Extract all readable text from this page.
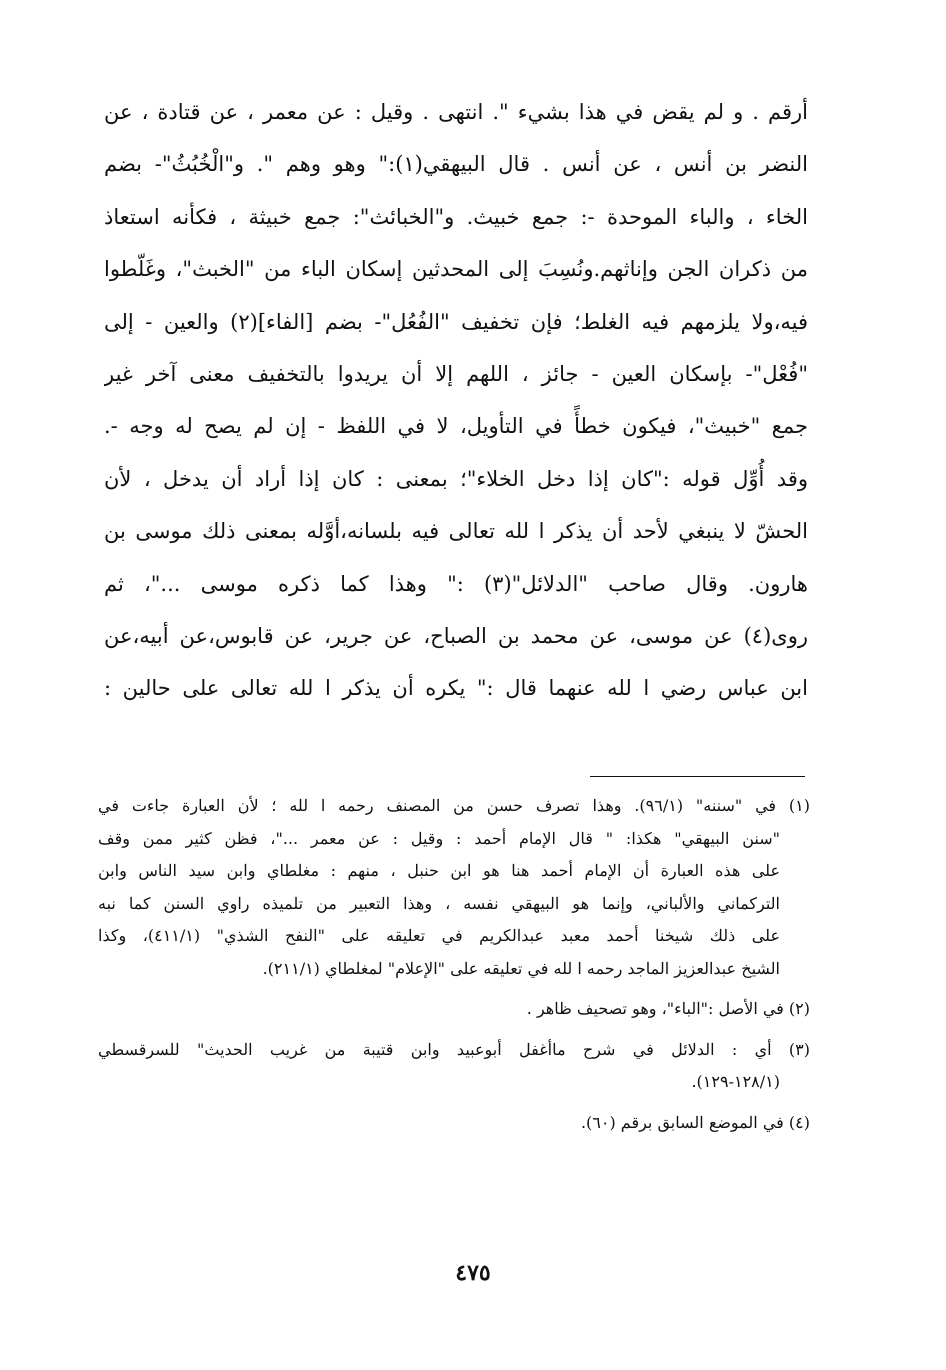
أرقم . و لم يقض في هذا بشيء ". انتهى . وقيل : عن معمر ، عن قتادة ، عن
النضر بن أنس ، عن أنس . قال البيهقي(١):" وهو وهم ". و"الْخُبُثُ"- بضم
الخاء ، والباء الموحدة -: جمع خبيث. و"الخبائث": جمع خبيثة ، فكأنه استعاذ
من ذكران الجن وإناثهم.ونُسِبَ إلى المحدثين إسكان الباء من "الخبث"، وغَلّطوا
فيه،ولا يلزمهم فيه الغلط؛ فإن تخفيف "الفُعُل"- بضم [الفاء](٢) والعين - إلى
"فُعْل"- بإسكان العين - جائز ، اللهم إلا أن يريدوا بالتخفيف معنى آخر غير
جمع "خبيث"، فيكون خطأً في التأويل، لا في اللفظ - إن لم يصح له وجه -.
وقد أُوِّل قوله :"كان إذا دخل الخلاء"؛ بمعنى : كان إذا أراد أن يدخل ، لأن
الحشّ لا ينبغي لأحد أن يذكر ا لله تعالى فيه بلسانه،أوَّله بمعنى ذلك موسى بن
هارون. وقال صاحب "الدلائل"(٣) :" وهذا كما ذكره موسى ..."، ثم
روى(٤) عن موسى، عن محمد بن الصباح، عن جرير، عن قابوس،عن أبيه،عن
ابن عباس رضي ا لله عنهما قال :" يكره أن يذكر ا لله تعالى على حالين :
(١) في "سننه" (٩٦/١). وهذا تصرف حسن من المصنف رحمه ا لله ؛ لأن العبارة جاءت في
"سنن البيهقي" هكذا: " قال الإمام أحمد : وقيل : عن معمر ..."، فظن كثير ممن وقف
على هذه العبارة أن الإمام أحمد هنا هو ابن حنبل ، منهم : مغلطاي وابن سيد الناس وابن
التركماني والألباني، وإنما هو البيهقي نفسه ، وهذا التعبير من تلميذه راوي السنن كما نبه
على ذلك شيخنا أحمد معبد عبدالكريم في تعليقه على "النفح الشذي" (٤١١/١)، وكذا
الشيخ عبدالعزيز الماجد رحمه ا لله في تعليقه على "الإعلام" لمغلطاي (٢١١/١).
(٢) في الأصل :"الباء"، وهو تصحيف ظاهر .
(٣) أي : الدلائل في شرح ماأغفل أبوعبيد وابن قتيبة من غريب الحديث" للسرقسطي
(١٢٨/١-١٢٩).
(٤) في الموضع السابق برقم (٦٠).
٤٧٥
